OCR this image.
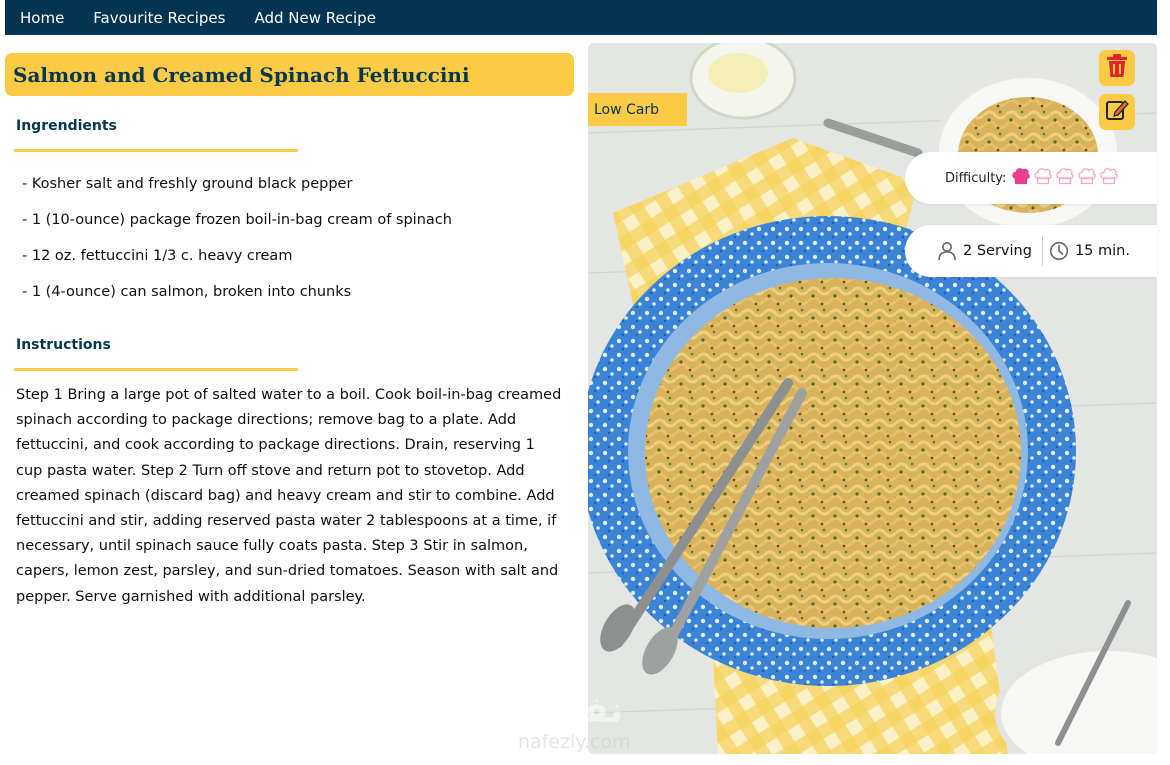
Home Favourite Recipes Add New Recipe
Salmon and Creamed Spinach Fettuccini
Ingrendients
- Kosher salt and freshly ground black pepper
- 1 (10-ounce) package frozen boil-in-bag cream of spinach
- 12 oz. fettuccini 1/3 c. heavy cream
- 1 (4-ounce) can salmon, broken into chunks
Instructions

Step 1 Bring a large pot of salted water to a boil. Cook boil-in-bag creamed spinach according to package directions; remove bag to a plate. Add fettuccini, and cook according to package directions. Drain, reserving 1 cup pasta water. Step 2 Turn off stove and return pot to stovetop. Add creamed spinach (discard bag) and heavy cream and stir to combine. Add fettuccini and stir, adding reserved pasta water 2 tablespoons at a time, if necessary, until spinach sauce fully coats pasta. Step 3 Stir in salmon, capers, lemon zest, parsley, and sun-dried tomatoes. Season with salt and pepper. Serve garnished with additional parsley.

Low Carb
Difficulty:
2 Serving	15 min.
نفذلي
nafezly.com
